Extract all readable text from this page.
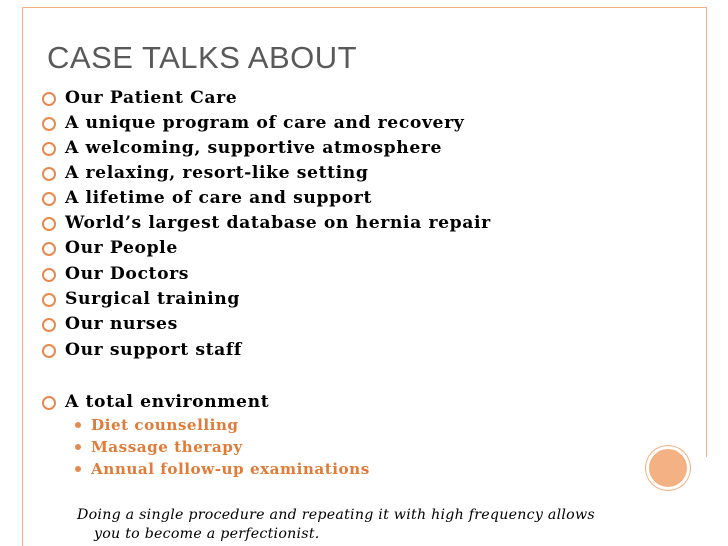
CASE TALKS ABOUT
Our Patient Care
A unique program of care and recovery
A welcoming, supportive atmosphere
A relaxing, resort-like setting
A lifetime of care and support
World’s largest database on hernia repair
Our People
Our Doctors
Surgical training
Our nurses
Our support staff
A total environment
Diet counselling
Massage therapy
Annual follow-up examinations
Doing a single procedure and repeating it with high frequency allows
you to become a perfectionist.
